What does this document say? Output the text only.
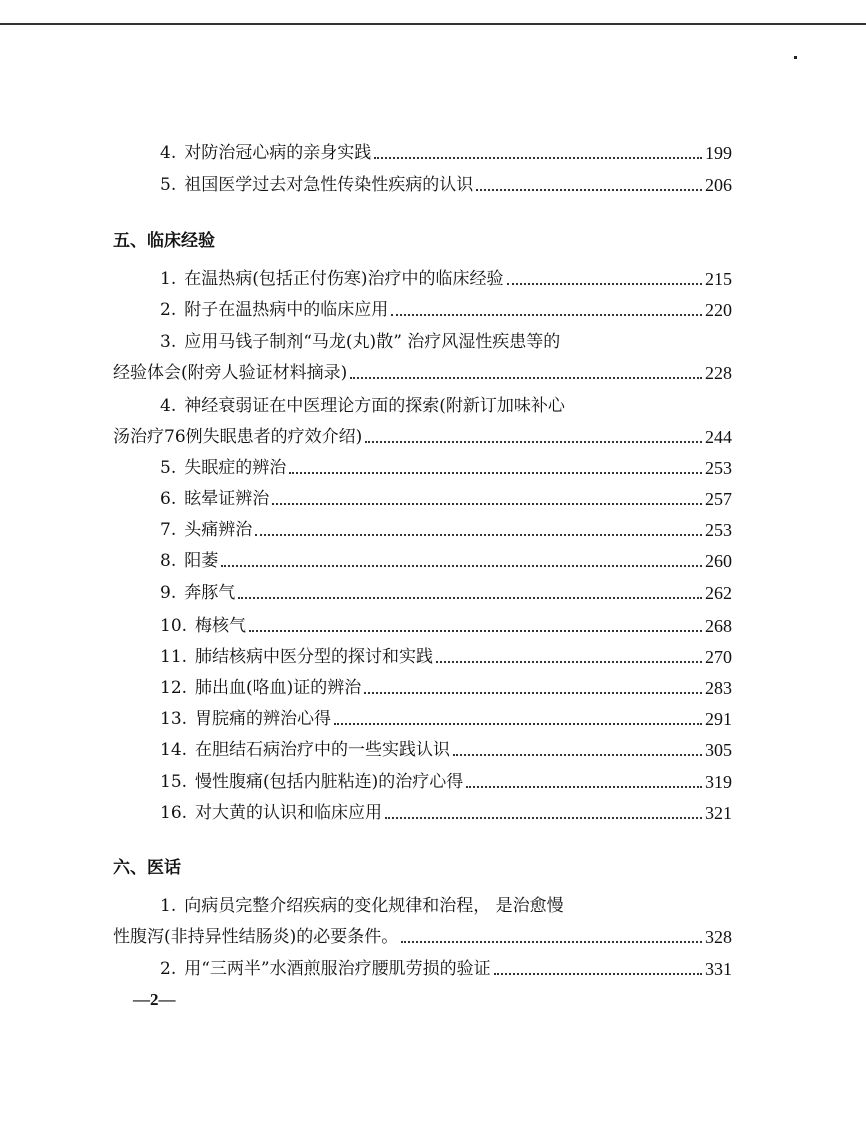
4. 对防治冠心病的亲身实践	199
5. 祖国医学过去对急性传染性疾病的认识	206
五、临床经验
1. 在温热病(包括正付伤寒)治疗中的临床经验	215
2. 附子在温热病中的临床应用	220
3. 应用马钱子制剂“马龙(丸)散” 治疗风湿性疾患等的
经验体会(附旁人验证材料摘录)	228
4. 神经衰弱证在中医理论方面的探索(附新订加味补心
汤治疗76例失眠患者的疗效介绍)	244
5. 失眠症的辨治	253
6. 眩晕证辨治	257
7. 头痛辨治	253
8. 阳萎	260
9. 奔豚气	262
10. 梅核气	268
11. 肺结核病中医分型的探讨和实践	270
12. 肺出血(咯血)证的辨治	283
13. 胃脘痛的辨治心得	291
14. 在胆结石病治疗中的一些实践认识	305
15. 慢性腹痛(包括内脏粘连)的治疗心得	319
16. 对大黄的认识和临床应用	321
六、医话
1. 向病员完整介绍疾病的变化规律和治程， 是治愈慢
性腹泻(非持异性结肠炎)的必要条件。	328
2. 用“三两半”水酒煎服治疗腰肌劳损的验证	331
—2—
